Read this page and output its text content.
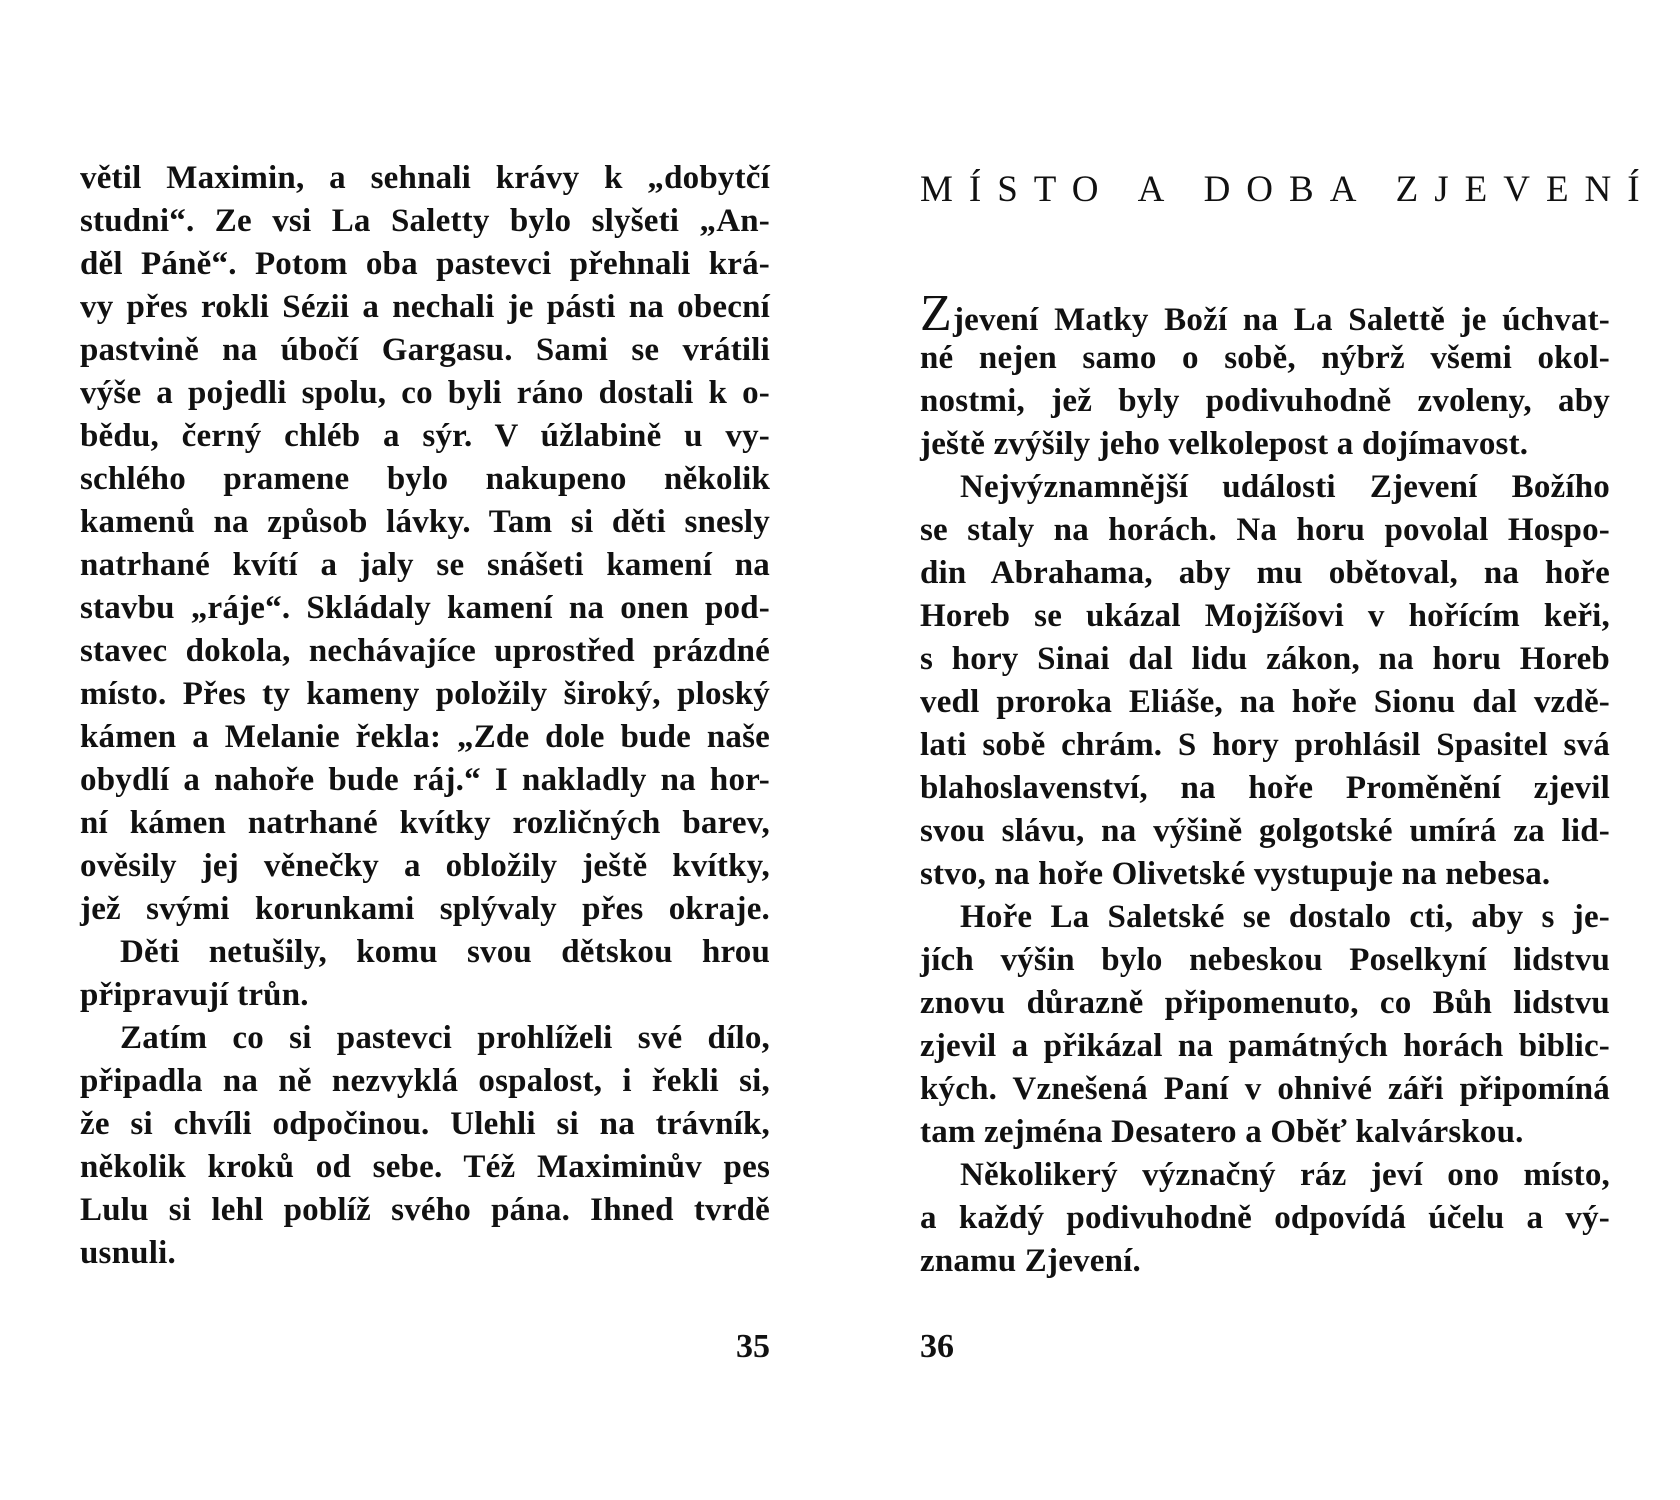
větil Maximin, a sehnali krávy k „dobytčí
studni“. Ze vsi La Saletty bylo slyšeti „An-
děl Páně“. Potom oba pastevci přehnali krá-
vy přes rokli Sézii a nechali je pásti na obecní
pastvině na úbočí Gargasu. Sami se vrátili
výše a pojedli spolu, co byli ráno dostali k o-
bědu, černý chléb a sýr. V úžlabině u vy-
schlého pramene bylo nakupeno několik
kamenů na způsob lávky. Tam si děti snesly
natrhané kvítí a jaly se snášeti kamení na
stavbu „ráje“. Skládaly kamení na onen pod-
stavec dokola, nechávajíce uprostřed prázdné
místo. Přes ty kameny položily široký, ploský
kámen a Melanie řekla: „Zde dole bude naše
obydlí a nahoře bude ráj.“ I nakladly na hor-
ní kámen natrhané kvítky rozličných barev,
ověsily jej věnečky a obložily ještě kvítky,
jež svými korunkami splývaly přes okraje.
Děti netušily, komu svou dětskou hrou
připravují trůn.
Zatím co si pastevci prohlíželi své dílo,
připadla na ně nezvyklá ospalost, i řekli si,
že si chvíli odpočinou. Ulehli si na trávník,
několik kroků od sebe. Též Maximinův pes
Lulu si lehl poblíž svého pána. Ihned tvrdě
usnuli.
35
MÍSTO A DOBA ZJEVENÍ
Zjevení Matky Boží na La Salettě je úchvat-
né nejen samo o sobě, nýbrž všemi okol-
nostmi, jež byly podivuhodně zvoleny, aby
ještě zvýšily jeho velkolepost a dojímavost.
Nejvýznamnější události Zjevení Božího
se staly na horách. Na horu povolal Hospo-
din Abrahama, aby mu obětoval, na hoře
Horeb se ukázal Mojžíšovi v hořícím keři,
s hory Sinai dal lidu zákon, na horu Horeb
vedl proroka Eliáše, na hoře Sionu dal vzdě-
lati sobě chrám. S hory prohlásil Spasitel svá
blahoslavenství, na hoře Proměnění zjevil
svou slávu, na výšině golgotské umírá za lid-
stvo, na hoře Olivetské vystupuje na nebesa.
Hoře La Saletské se dostalo cti, aby s je-
jích výšin bylo nebeskou Poselkyní lidstvu
znovu důrazně připomenuto, co Bůh lidstvu
zjevil a přikázal na památných horách biblic-
kých. Vznešená Paní v ohnivé záři připomíná
tam zejména Desatero a Oběť kalvárskou.
Několikerý význačný ráz jeví ono místo,
a každý podivuhodně odpovídá účelu a vý-
znamu Zjevení.
36
